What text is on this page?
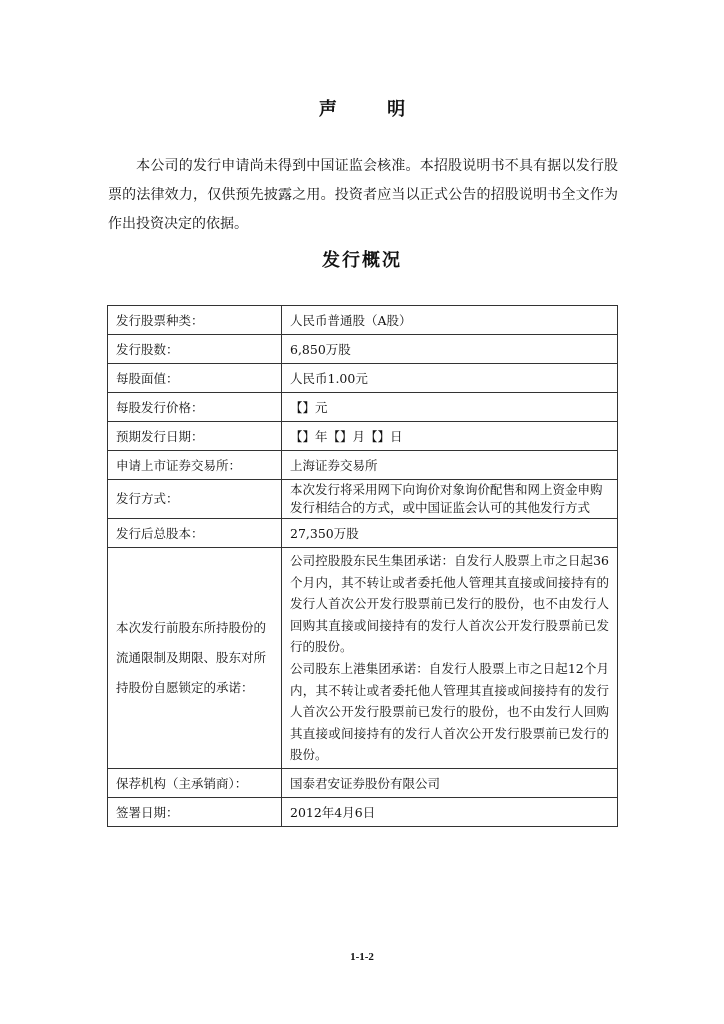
声 明

本公司的发行申请尚未得到中国证监会核准。本招股说明书不具有据以发行股票的法律效力，仅供预先披露之用。投资者应当以正式公告的招股说明书全文作为作出投资决定的依据。

发行概况
发行股票种类：	人民币普通股（A股）
发行股数：	6,850万股
每股面值：	人民币1.00元
每股发行价格：	【】元
预期发行日期：	【】年【】月【】日
申请上市证券交易所：	上海证券交易所
发行方式：	本次发行将采用网下向询价对象询价配售和网上资金申购发行相结合的方式，或中国证监会认可的其他发行方式
发行后总股本：	27,350万股
本次发行前股东所持股份的流通限制及期限、股东对所持股份自愿锁定的承诺：	公司控股股东民生集团承诺：自发行人股票上市之日起36个月内，其不转让或者委托他人管理其直接或间接持有的发行人首次公开发行股票前已发行的股份，也不由发行人回购其直接或间接持有的发行人首次公开发行股票前已发行的股份。
公司股东上港集团承诺：自发行人股票上市之日起12个月内，其不转让或者委托他人管理其直接或间接持有的发行人首次公开发行股票前已发行的股份，也不由发行人回购其直接或间接持有的发行人首次公开发行股票前已发行的股份。

保荐机构（主承销商）：	国泰君安证券股份有限公司
签署日期：	2012年4月6日
1-1-2
